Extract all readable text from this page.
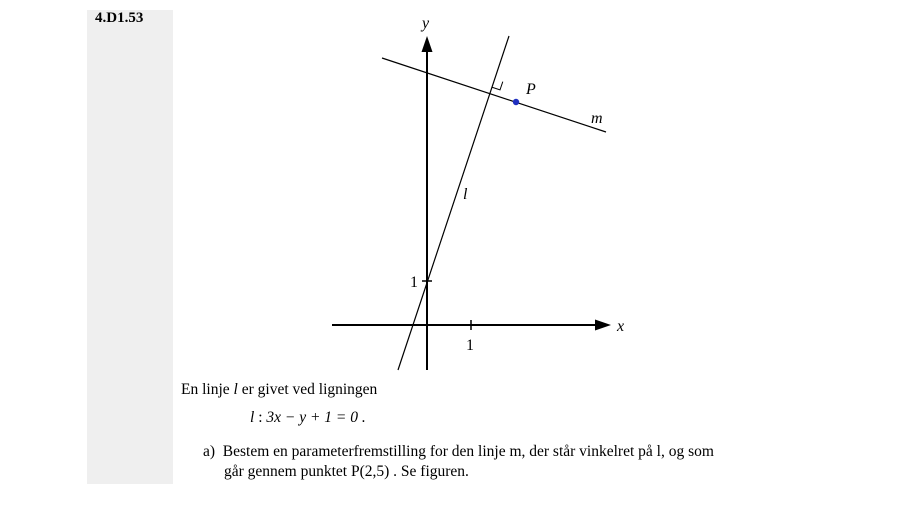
4.D1.53	y
x
1
1
l
m
P
En linje l er givet ved ligningen
l : 3x − y + 1 = 0 .
a) Bestem en parameterfremstilling for den linje m, der står vinkelret på l, og som
går gennem punktet P(2,5) . Se figuren.
